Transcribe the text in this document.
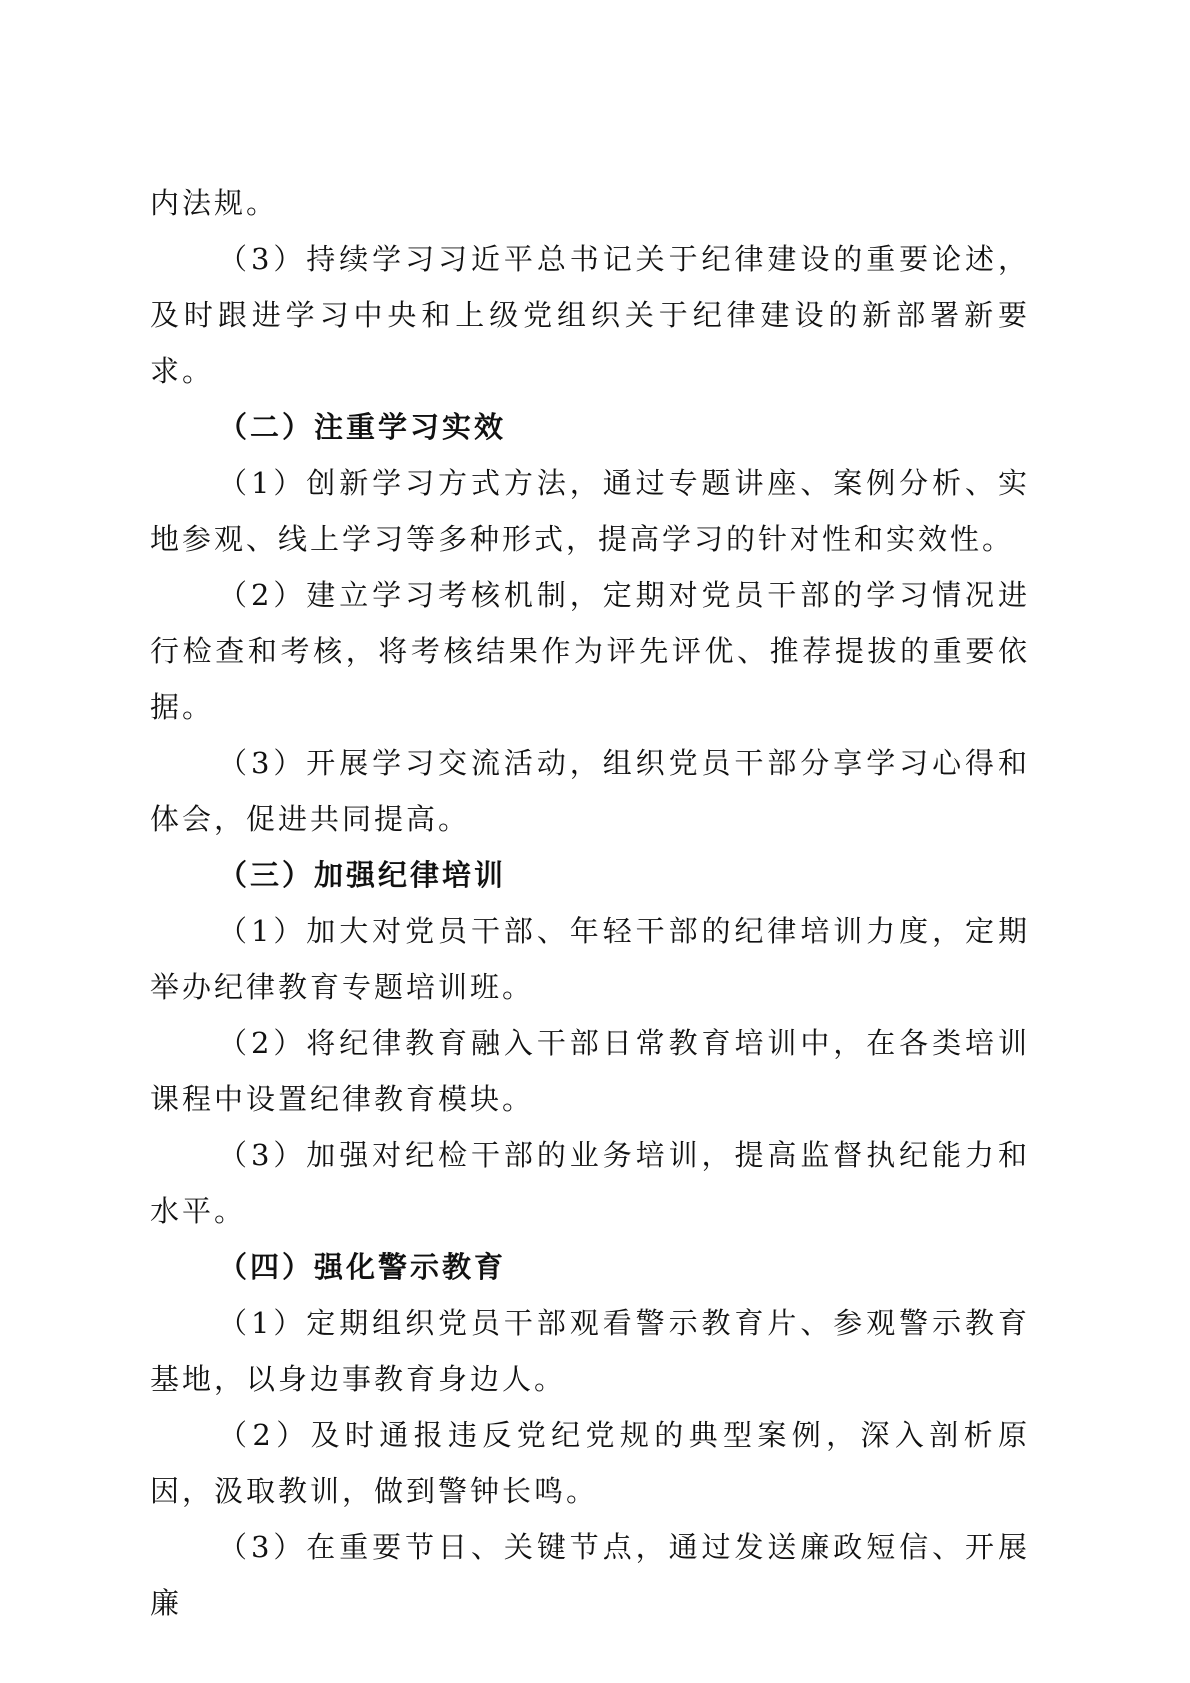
内法规。

（3）持续学习习近平总书记关于纪律建设的重要论述，及时跟进学习中央和上级党组织关于纪律建设的新部署新要求。

（二）注重学习实效

（1）创新学习方式方法，通过专题讲座、案例分析、实地参观、线上学习等多种形式，提高学习的针对性和实效性。

（2）建立学习考核机制，定期对党员干部的学习情况进行检查和考核，将考核结果作为评先评优、推荐提拔的重要依据。

（3）开展学习交流活动，组织党员干部分享学习心得和体会，促进共同提高。

（三）加强纪律培训

（1）加大对党员干部、年轻干部的纪律培训力度，定期举办纪律教育专题培训班。

（2）将纪律教育融入干部日常教育培训中，在各类培训课程中设置纪律教育模块。

（3）加强对纪检干部的业务培训，提高监督执纪能力和水平。

（四）强化警示教育

（1）定期组织党员干部观看警示教育片、参观警示教育基地，以身边事教育身边人。

（2）及时通报违反党纪党规的典型案例，深入剖析原因，汲取教训，做到警钟长鸣。

（3）在重要节日、关键节点，通过发送廉政短信、开展廉
